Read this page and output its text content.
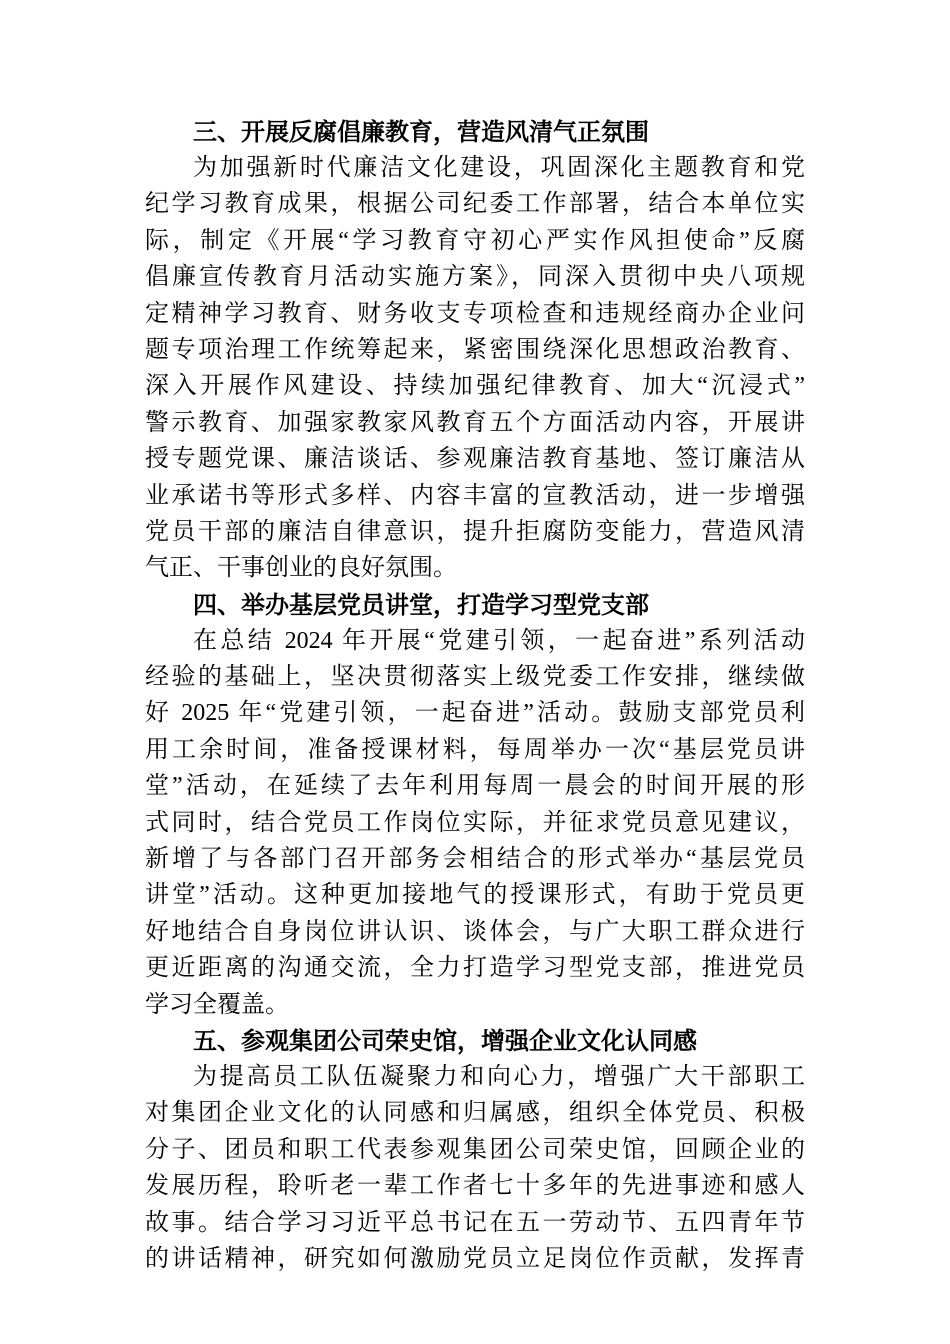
三、开展反腐倡廉教育，营造风清气正氛围
为加强新时代廉洁文化建设，巩固深化主题教育和党
纪学习教育成果，根据公司纪委工作部署，结合本单位实
际，制定《开展“学习教育守初心严实作风担使命”反腐
倡廉宣传教育月活动实施方案》，同深入贯彻中央八项规
定精神学习教育、财务收支专项检查和违规经商办企业问
题专项治理工作统筹起来，紧密围绕深化思想政治教育、
深入开展作风建设、持续加强纪律教育、加大“沉浸式”
警示教育、加强家教家风教育五个方面活动内容，开展讲
授专题党课、廉洁谈话、参观廉洁教育基地、签订廉洁从
业承诺书等形式多样、内容丰富的宣教活动，进一步增强
党员干部的廉洁自律意识，提升拒腐防变能力，营造风清
气正、干事创业的良好氛围。
四、举办基层党员讲堂，打造学习型党支部
在总结 2024 年开展“党建引领，一起奋进”系列活动
经验的基础上，坚决贯彻落实上级党委工作安排，继续做
好 2025 年“党建引领，一起奋进”活动。鼓励支部党员利
用工余时间，准备授课材料，每周举办一次“基层党员讲
堂”活动，在延续了去年利用每周一晨会的时间开展的形
式同时，结合党员工作岗位实际，并征求党员意见建议，
新增了与各部门召开部务会相结合的形式举办“基层党员
讲堂”活动。这种更加接地气的授课形式，有助于党员更
好地结合自身岗位讲认识、谈体会，与广大职工群众进行
更近距离的沟通交流，全力打造学习型党支部，推进党员
学习全覆盖。
五、参观集团公司荣史馆，增强企业文化认同感
为提高员工队伍凝聚力和向心力，增强广大干部职工
对集团企业文化的认同感和归属感，组织全体党员、积极
分子、团员和职工代表参观集团公司荣史馆，回顾企业的
发展历程，聆听老一辈工作者七十多年的先进事迹和感人
故事。结合学习习近平总书记在五一劳动节、五四青年节
的讲话精神，研究如何激励党员立足岗位作贡献，发挥青
